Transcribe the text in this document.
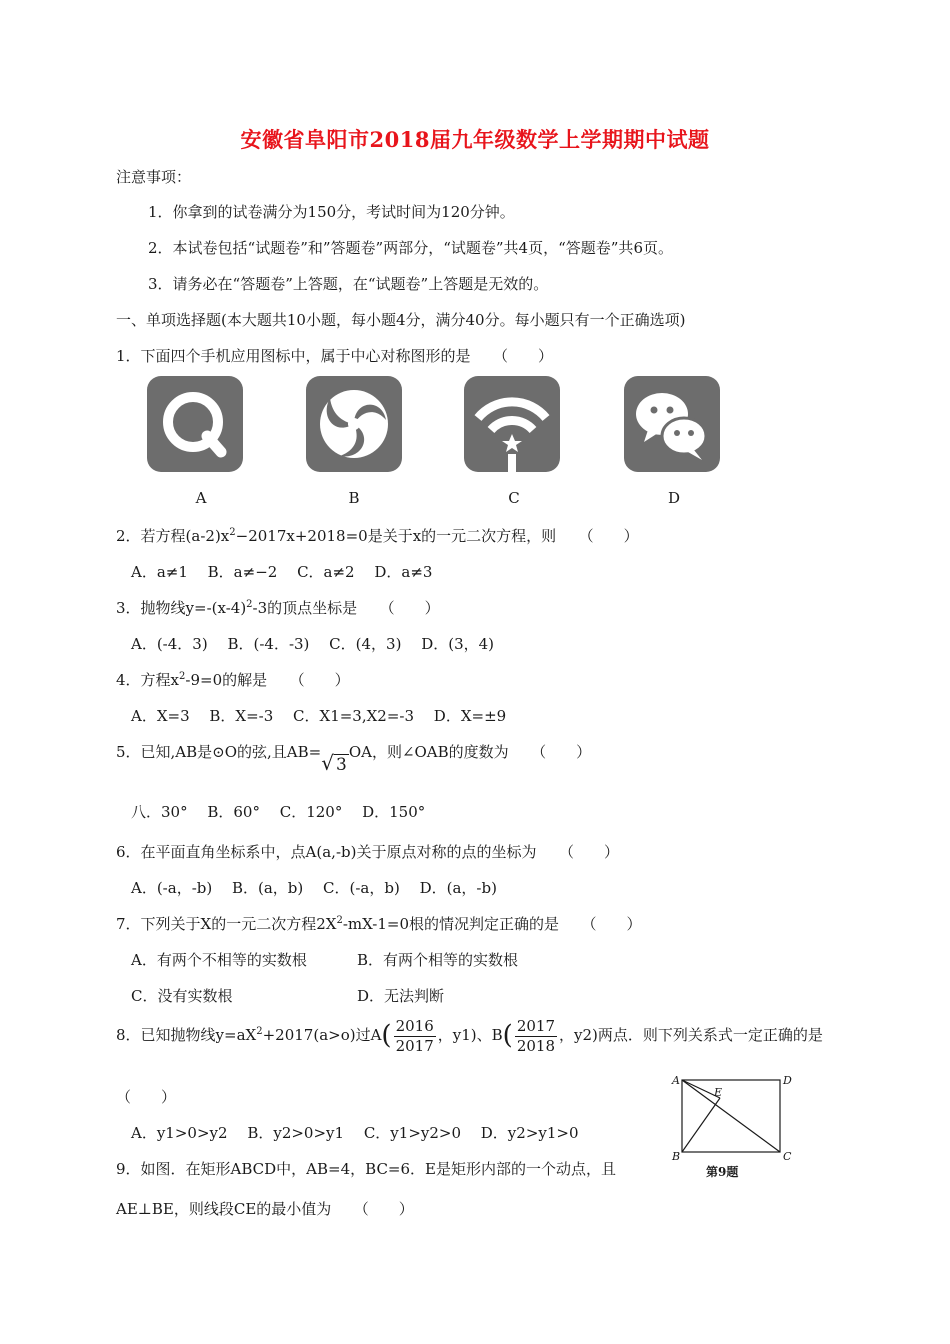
安徽省阜阳市2018届九年级数学上学期期中试题
注意事项：
1．你拿到的试卷满分为150分，考试时间为120分钟。
2．本试卷包括“试题卷”和”答题卷”两部分，“试题卷”共4页，“答题卷”共6页。
3．请务必在“答题卷”上答题，在“试题卷”上答题是无效的。
一、单项选择题(本大题共10小题，每小题4分，满分40分。每小题只有一个正确选项)
1．下面四个手机应用图标中，属于中心对称图形的是　　（　　）
A	B	C	D
2．若方程$(a-2)x^2-2017x+2018=0$是关于x的一元二次方程，则　　（　　）
A．a≠1　 B．a≠−2　 C．a≠2　 D．a≠3
3．抛物线$y=-(x-4)^2-3$的顶点坐标是　　（　　）
A．(-4．3)　 B．(-4．-3)　 C．(4，3)　 D．(3，4)
4．方程$x^2-9=0$的解是　　（　　）
A．X=3　 B．X=-3　 C．X1=3,X2=-3　 D．X=±9
5．已知,AB是⊙O的弦,且AB=√ 3OA，则∠OAB的度数为　　（　　）
八．30°　 B．60°　 C．120°　 D．150°
6．在平面直角坐标系中，点A(a,-b)关于原点对称的点的坐标为　　（　　）
A．(-a，-b)　 B．(a，b)　 C．(-a，b)　 D．(a，-b)
7．下列关于X的一元二次方程$2X^2-mX-1=0$根的情况判定正确的是　　（　　）
A．有两个不相等的实数根	B．有两个相等的实数根
C．没有实数根	D．无法判断
8．已知抛物线$y=aX^2+2017(a>o)$过$A( \frac{2016}{2017}$ ，y1)、$B( \frac{2017}{2018}$ ，y2)两点．则下列关系式一定正确的是
（　　）
A．y1>0>y2　 B．y2>0>y1　 C．y1>y2>0　 D．y2>y1>0
A	D
B	C
E
第9题
9．如图．在矩形ABCD中，AB=4，BC=6．E是矩形内部的一个动点，且
AE⊥BE，则线段CE的最小值为　　（　　）
